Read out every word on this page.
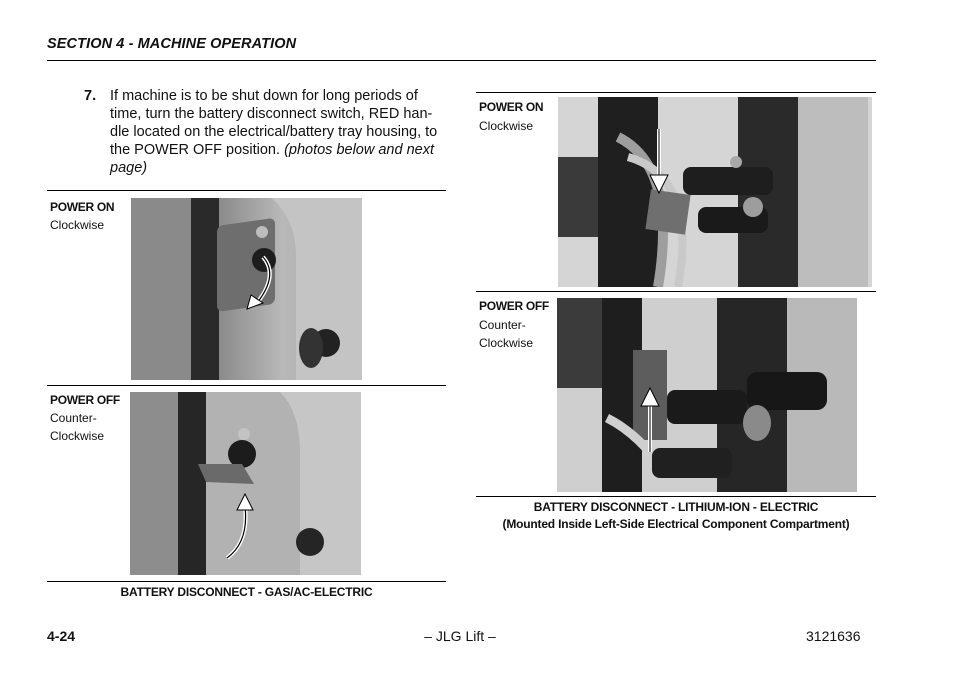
SECTION 4 - MACHINE OPERATION
7. If machine is to be shut down for long periods of time, turn the battery disconnect switch, RED han- dle located on the electrical/battery tray housing, to the POWER OFF position. (photos below and next page)
POWER ON
Clockwise
POWER OFF
Counter-
Clockwise
BATTERY DISCONNECT - GAS/AC-ELECTRIC
POWER ON
Clockwise
POWER OFF
Counter-
Clockwise
BATTERY DISCONNECT - LITHIUM-ION - ELECTRIC
(Mounted Inside Left-Side Electrical Component Compartment)
4-24	– JLG Lift –	3121636
